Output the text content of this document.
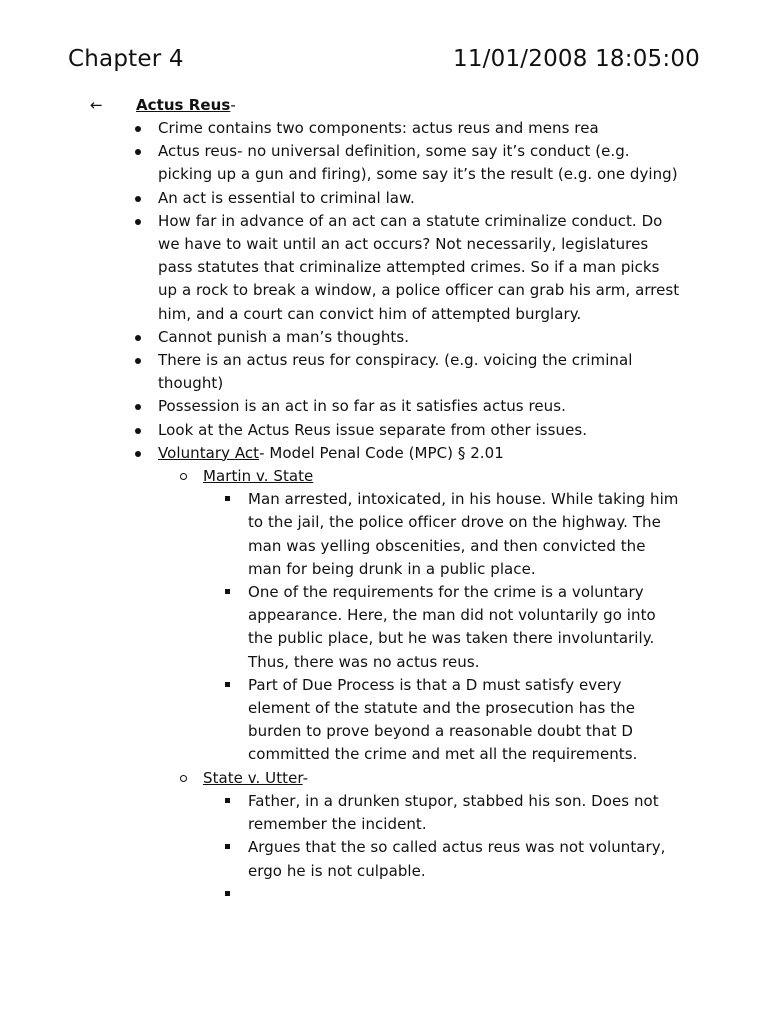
Chapter 4	11/01/2008 18:05:00
←	Actus Reus-
Crime contains two components: actus reus and mens rea
Actus reus- no universal definition, some say it’s conduct (e.g. picking up a gun and firing), some say it’s the result (e.g. one dying)
An act is essential to criminal law.
How far in advance of an act can a statute criminalize conduct. Do we have to wait until an act occurs? Not necessarily, legislatures pass statutes that criminalize attempted crimes. So if a man picks up a rock to break a window, a police officer can grab his arm, arrest him, and a court can convict him of attempted burglary.
Cannot punish a man’s thoughts.
There is an actus reus for conspiracy. (e.g. voicing the criminal thought)
Possession is an act in so far as it satisfies actus reus.
Look at the Actus Reus issue separate from other issues.
Voluntary Act- Model Penal Code (MPC) § 2.01
Martin v. State
Man arrested, intoxicated, in his house. While taking him to the jail, the police officer drove on the highway. The man was yelling obscenities, and then convicted the man for being drunk in a public place.
One of the requirements for the crime is a voluntary appearance. Here, the man did not voluntarily go into the public place, but he was taken there involuntarily. Thus, there was no actus reus.
Part of Due Process is that a D must satisfy every element of the statute and the prosecution has the burden to prove beyond a reasonable doubt that D committed the crime and met all the requirements.
State v. Utter-
Father, in a drunken stupor, stabbed his son. Does not remember the incident.
Argues that the so called actus reus was not voluntary, ergo he is not culpable.
